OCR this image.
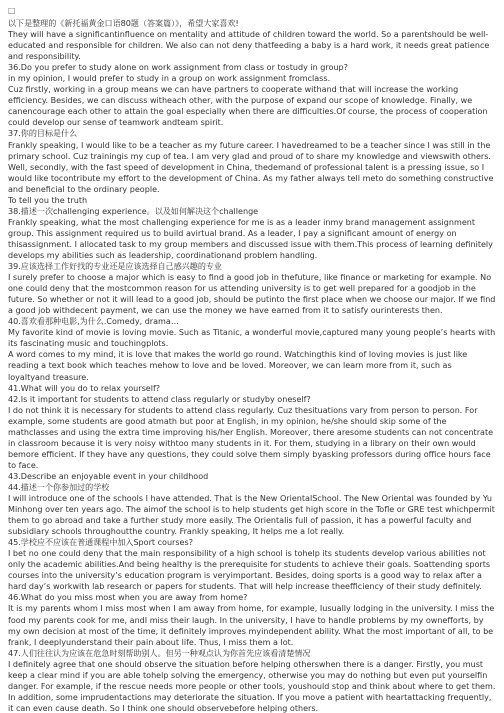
□

以下是整理的《新托福黄金口语80题（答案篇）》，希望大家喜欢!

They will have a significantinfluence on mentality and attitude of children toward the world. So a parentshould be well-educated and responsible for children. We also can not deny thatfeeding a baby is a hard work, it needs great patience and responsibility.

36.Do you prefer to study alone on work assignment from class or tostudy in group?

in my opinion, I would prefer to study in a group on work assignment fromclass.

Cuz firstly, working in a group means we can have partners to cooperate withand that will increase the working efficiency. Besides, we can discuss witheach other, with the purpose of expand our scope of knowledge. Finally, we canencourage each other to attain the goal especially when there are difficulties.Of course, the process of cooperation could develop our sense of teamwork andteam spirit.

37.你的目标是什么

Frankly speaking, I would like to be a teacher as my future career. I havedreamed to be a teacher since I was still in the primary school. Cuz trainingis my cup of tea. I am very glad and proud of to share my knowledge and viewswith others. Well, secondly, with the fast speed of development in China, thedemand of professional talent is a pressing issue, so I would like tocontribute my effort to the development of China. As my father always tell meto do something constructive and beneficial to the ordinary people.

To tell you the truth

38.描述一次challenging experience。以及如何解决这个challenge

Frankly speaking, what the most challenging experience for me is as a leader inmy brand management assignment group. This assignment required us to build avirtual brand. As a leader, I pay a significant amount of energy on thisassignment. I allocated task to my group members and discussed issue with them.This process of learning definitely develops my abilities such as leadership, coordinationand problem handling.

39.应该选择工作好找的专业还是应该选择自己感兴趣的专业

I surely prefer to choose a major which is easy to find a good job in thefuture, like finance or marketing for example. No one could deny that the mostcommon reason for us attending university is to get well prepared for a goodjob in the future. So whether or not it will lead to a good job, should be putinto the first place when we choose our major. If we find a good job withdecent payment, we can use the money we have earned from it to satisfy ourinterests then.

40.喜欢看那种电影,为什么.Comedy, drama…

My favorite kind of movie is loving movie. Such as Titanic, a wonderful movie,captured many young people’s hearts with its fascinating music and touchingplots.

A word comes to my mind, it is love that makes the world go round. Watchingthis kind of loving movies is just like reading a text book which teaches mehow to love and be loved. Moreover, we can learn more from it, such as loyaltyand treasure.

41.What will you do to relax yourself?

42.Is it important for students to attend class regularly or studyby oneself?

I do not think it is necessary for students to attend class regularly. Cuz thesituations vary from person to person. For example, some students are good atmath but poor at English, in my opinion, he/she should skip some of the mathclasses and using the extra time improving his/her English. Moreover, there aresome students can not concentrate in classroom because it is very noisy withtoo many students in it. For them, studying in a library on their own would bemore efficient. If they have any questions, they could solve them simply byasking professors during office hours face to face.

43.Describe an enjoyable event in your childhood

44.描述一个你参加过的学校

I will introduce one of the schools I have attended. That is the New OrientalSchool. The New Oriental was founded by Yu Minhong over ten years ago. The aimof the school is to help students get high score in the Tofle or GRE test whichpermit them to go abroad and take a further study more easily. The Orientalis full of passion, it has a powerful faculty and subsidiary schools throughoutthe country. Frankly speaking, It helps me a lot really.

45.学校应不应该在普通课程中加入Sport courses?

I bet no one could deny that the main responsibility of a high school is tohelp its students develop various abilities not only the academic abilities.And being healthy is the prerequisite for students to achieve their goals. Soattending sports courses into the university’s education program is veryimportant. Besides, doing sports is a good way to relax after a hard day’s workwith lab research or papers for students. That will help increase theefficiency of their study definitely.

46.What do you miss most when you are away from home?

It is my parents whom I miss most when I am away from home, for example, Iusually lodging in the university. I miss the food my parents cook for me, andI miss their laugh. In the university, I have to handle problems by my ownefforts, by my own decision at most of the time, it definitely improves myindependent ability. What the most important of all, to be frank, I deeplyunderstand their pain about life. Thus, I miss them a lot.

47.人们往往认为应该在危急时刻帮助别人。但另一种观点认为你首先应该看清楚情况

I definitely agree that one should observe the situation before helping otherswhen there is a danger. Firstly, you must keep a clear mind if you are able tohelp solving the emergency, otherwise you may do nothing but even put yourselfin danger. For example, if the rescue needs more people or other tools, youshould stop and think about where to get them. In addition, some imprudentactions may deteriorate the situation. If you move a patient with heartattacking frequently, it can even cause death. So I think one should observebefore helping others.
